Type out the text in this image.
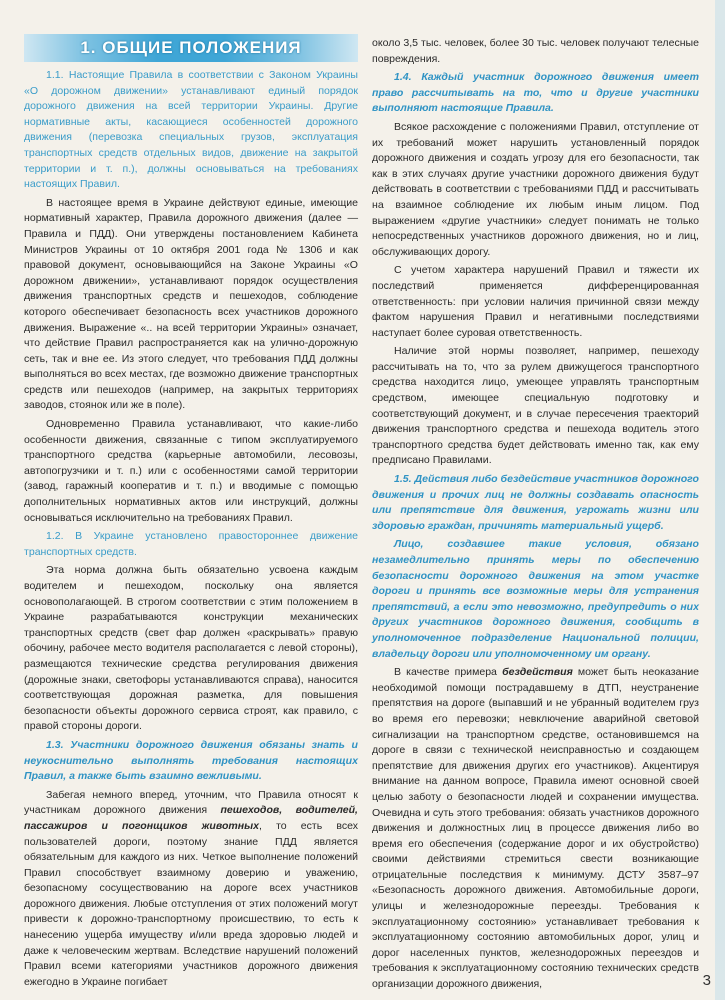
1. ОБЩИЕ ПОЛОЖЕНИЯ

1.1. Настоящие Правила в соответствии с Законом Украины «О дорожном движении» устанавливают единый порядок дорожного движения на всей территории Украины. Другие нормативные акты, касающиеся особенностей дорожного движения (перевозка специальных грузов, эксплуатация транспортных средств отдельных видов, движение на закрытой территории и т. п.), должны основываться на требованиях настоящих Правил.

В настоящее время в Украине действуют единые, имеющие нормативный характер, Правила дорожного движения (далее — Правила и ПДД). Они утверждены постановлением Кабинета Министров Украины от 10 октября 2001 года № 1306 и как правовой документ, основывающийся на Законе Украины «О дорожном движении», устанавливают порядок осуществления движения транспортных средств и пешеходов, соблюдение которого обеспечивает безопасность всех участников дорожного движения. Выражение «.. на всей территории Украины» означает, что действие Правил распространяется как на улично-дорожную сеть, так и вне ее. Из этого следует, что требования ПДД должны выполняться во всех местах, где возможно движение транспортных средств или пешеходов (например, на закрытых территориях заводов, стоянок или же в поле).

Одновременно Правила устанавливают, что какие-либо особенности движения, связанные с типом эксплуатируемого транспортного средства (карьерные автомобили, лесовозы, автопогрузчики и т. п.) или с особенностями самой территории (завод, гаражный кооператив и т. п.) и вводимые с помощью дополнительных нормативных актов или инструкций, должны основываться исключительно на требованиях Правил.

1.2. В Украине установлено правостороннее движение транспортных средств.

Эта норма должна быть обязательно усвоена каждым водителем и пешеходом, поскольку она является основополагающей. В строгом соответствии с этим положением в Украине разрабатываются конструкции механических транспортных средств (свет фар должен «раскрывать» правую обочину, рабочее место водителя располагается с левой стороны), размещаются технические средства регулирования движения (дорожные знаки, светофоры устанавливаются справа), наносится соответствующая дорожная разметка, для повышения безопасности объекты дорожного сервиса строят, как правило, с правой стороны дороги.

1.3. Участники дорожного движения обязаны знать и неукоснительно выполнять требования настоящих Правил, а также быть взаимно вежливыми.

Забегая немного вперед, уточним, что Правила относят к участникам дорожного движения пешеходов, водителей, пассажиров и погонщиков животных, то есть всех пользователей дороги, поэтому знание ПДД является обязательным для каждого из них. Четкое выполнение положений Правил способствует взаимному доверию и уважению, безопасному сосуществованию на дороге всех участников дорожного движения. Любые отступления от этих положений могут привести к дорожно-транспортному происшествию, то есть к нанесению ущерба имуществу и/или вреда здоровью людей и даже к человеческим жертвам. Вследствие нарушений положений Правил всеми категориями участников дорожного движения ежегодно в Украине погибает

около 3,5 тыс. человек, более 30 тыс. человек получают телесные повреждения.

1.4. Каждый участник дорожного движения имеет право рассчитывать на то, что и другие участники выполняют настоящие Правила.

Всякое расхождение с положениями Правил, отступление от их требований может нарушить установленный порядок дорожного движения и создать угрозу для его безопасности, так как в этих случаях другие участники дорожного движения будут действовать в соответствии с требованиями ПДД и рассчитывать на взаимное соблюдение их любым иным лицом. Под выражением «другие участники» следует понимать не только непосредственных участников дорожного движения, но и лиц, обслуживающих дорогу.

С учетом характера нарушений Правил и тяжести их последствий применяется дифференцированная ответственность: при условии наличия причинной связи между фактом нарушения Правил и негативными последствиями наступает более суровая ответственность.

Наличие этой нормы позволяет, например, пешеходу рассчитывать на то, что за рулем движущегося транспортного средства находится лицо, умеющее управлять транспортным средством, имеющее специальную подготовку и соответствующий документ, и в случае пересечения траекторий движения транспортного средства и пешехода водитель этого транспортного средства будет действовать именно так, как ему предписано Правилами.

1.5. Действия либо бездействие участников дорожного движения и прочих лиц не должны создавать опасность или препятствие для движения, угрожать жизни или здоровью граждан, причинять материальный ущерб.

Лицо, создавшее такие условия, обязано незамедлительно принять меры по обеспечению безопасности дорожного движения на этом участке дороги и принять все возможные меры для устранения препятствий, а если это невозможно, предупредить о них других участников дорожного движения, сообщить в уполномоченное подразделение Национальной полиции, владельцу дороги или уполномоченному им органу.

В качестве примера бездействия может быть неоказание необходимой помощи пострадавшему в ДТП, неустранение препятствия на дороге (выпавший и не убранный водителем груз во время его перевозки; невключение аварийной световой сигнализации на транспортном средстве, остановившемся на дороге в связи с технической неисправностью и создающем препятствие для движения других его участников). Акцентируя внимание на данном вопросе, Правила имеют основной своей целью заботу о безопасности людей и сохранении имущества. Очевидна и суть этого требования: обязать участников дорожного движения и должностных лиц в процессе движения либо во время его обеспечения (содержание дорог и их обустройство) своими действиями стремиться свести возникающие отрицательные последствия к минимуму. ДСТУ 3587–97 «Безопасность дорожного движения. Автомобильные дороги, улицы и железнодорожные переезды. Требования к эксплуатационному состоянию» устанавливает требования к эксплуатационному состоянию автомобильных дорог, улиц и дорог населенных пунктов, железнодорожных переездов и требования к эксплуатационному состоянию технических средств организации дорожного движения,	3
